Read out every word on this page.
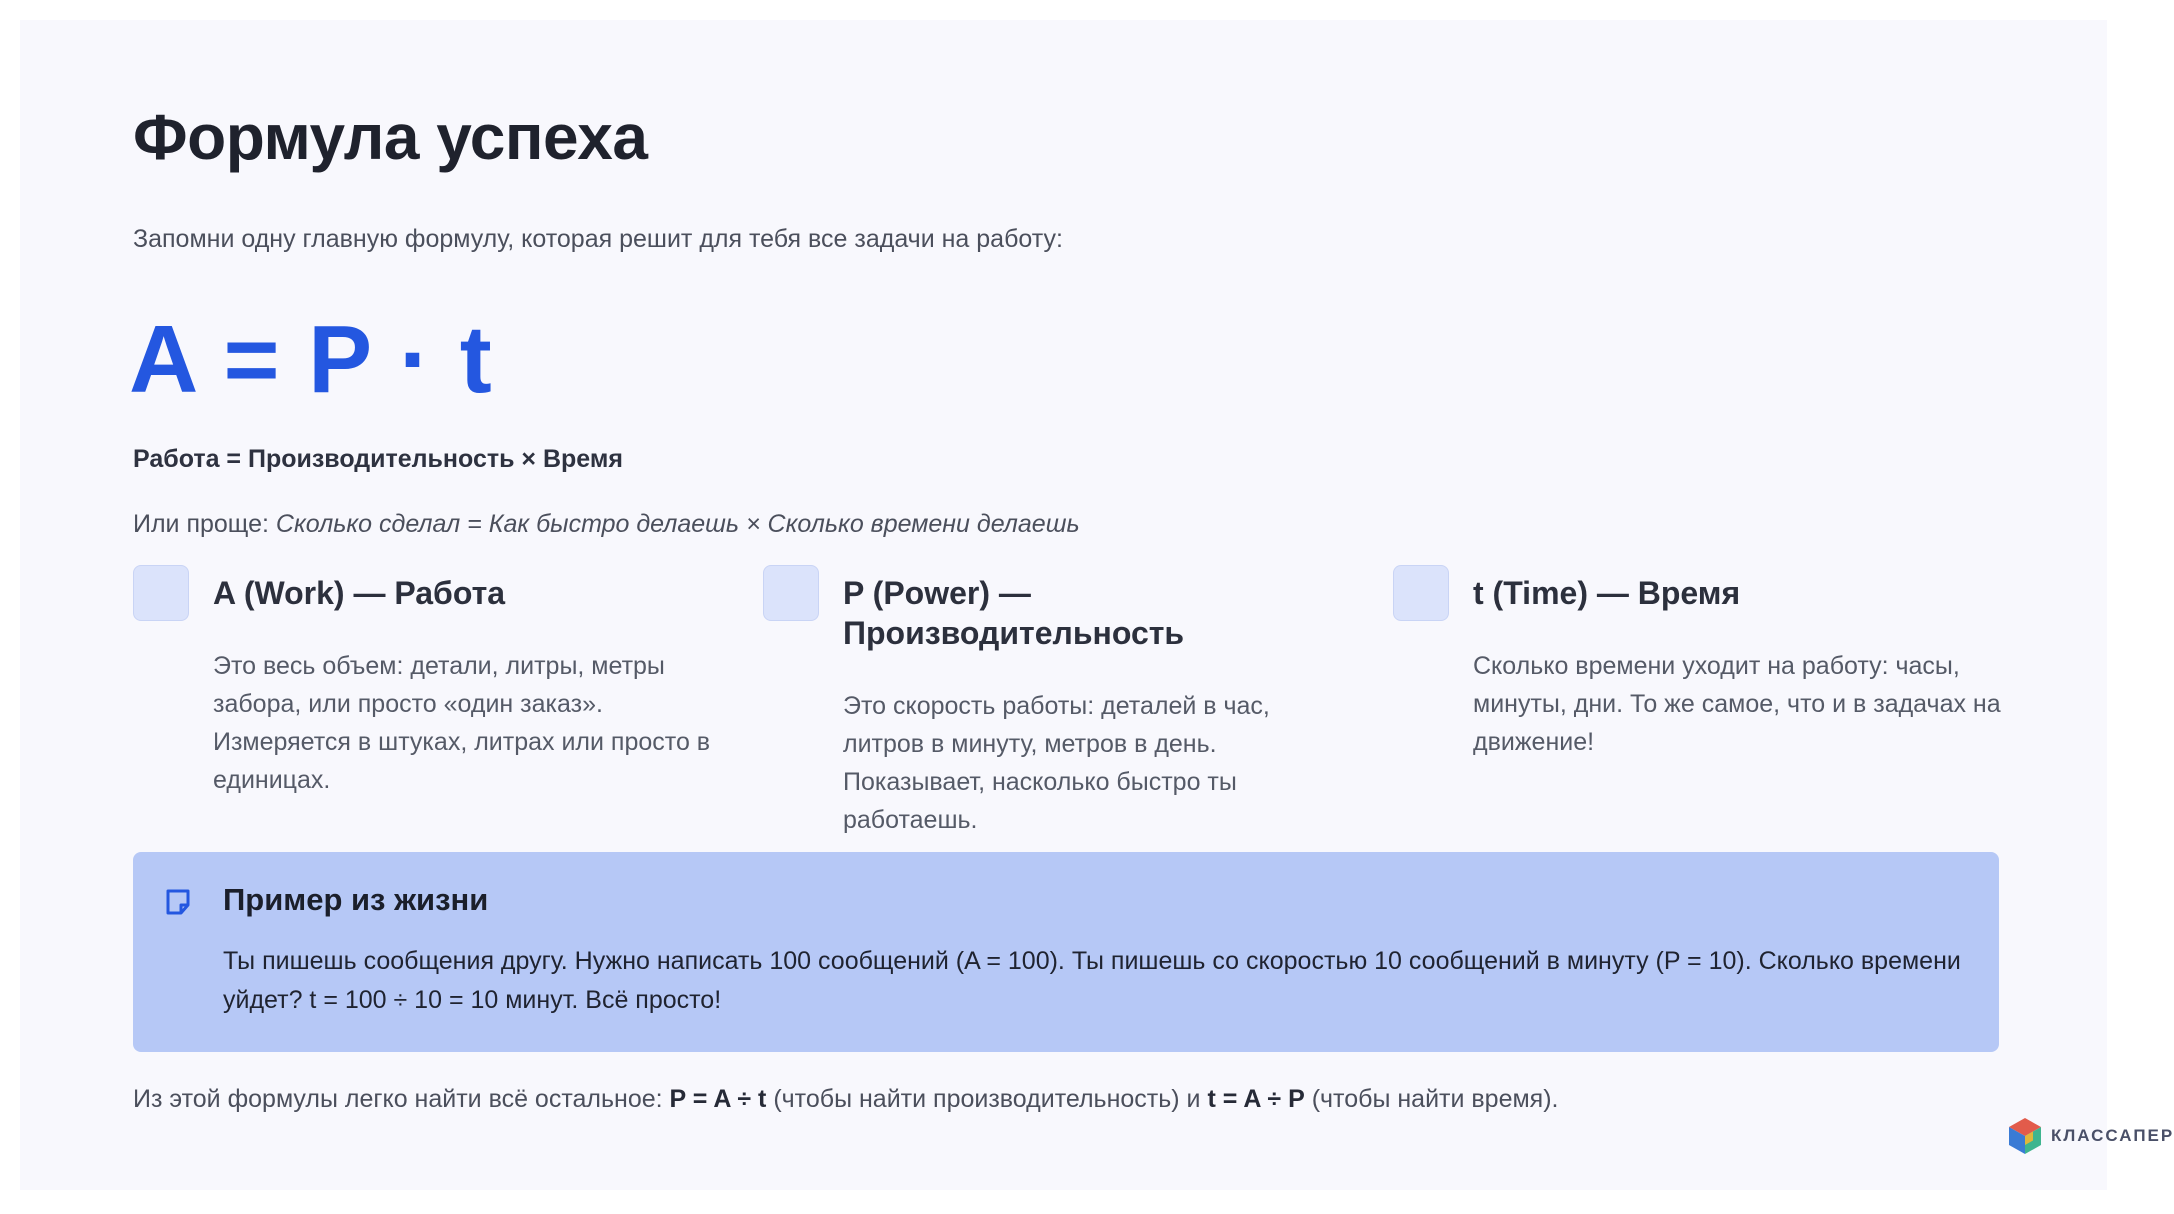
Формула успеха
Запомни одну главную формулу, которая решит для тебя все задачи на работу:
A = P · t
Работа = Производительность × Время
Или проще: Сколько сделал = Как быстро делаешь × Сколько времени делаешь
A (Work) — Работа
Это весь объем: детали, литры, метры забора, или просто «один заказ». Измеряется в штуках, литрах или просто в единицах.
P (Power) — Производительность
Это скорость работы: деталей в час, литров в минуту, метров в день. Показывает, насколько быстро ты работаешь.
t (Time) — Время
Сколько времени уходит на работу: часы, минуты, дни. То же самое, что и в задачах на движение!
Пример из жизни
Ты пишешь сообщения другу. Нужно написать 100 сообщений (A = 100). Ты пишешь со скоростью 10 сообщений в минуту (P = 10). Сколько времени уйдет? t = 100 ÷ 10 = 10 минут. Всё просто!
Из этой формулы легко найти всё остальное: P = A ÷ t (чтобы найти производительность) и t = A ÷ P (чтобы найти время).
КЛАССАПЕР
